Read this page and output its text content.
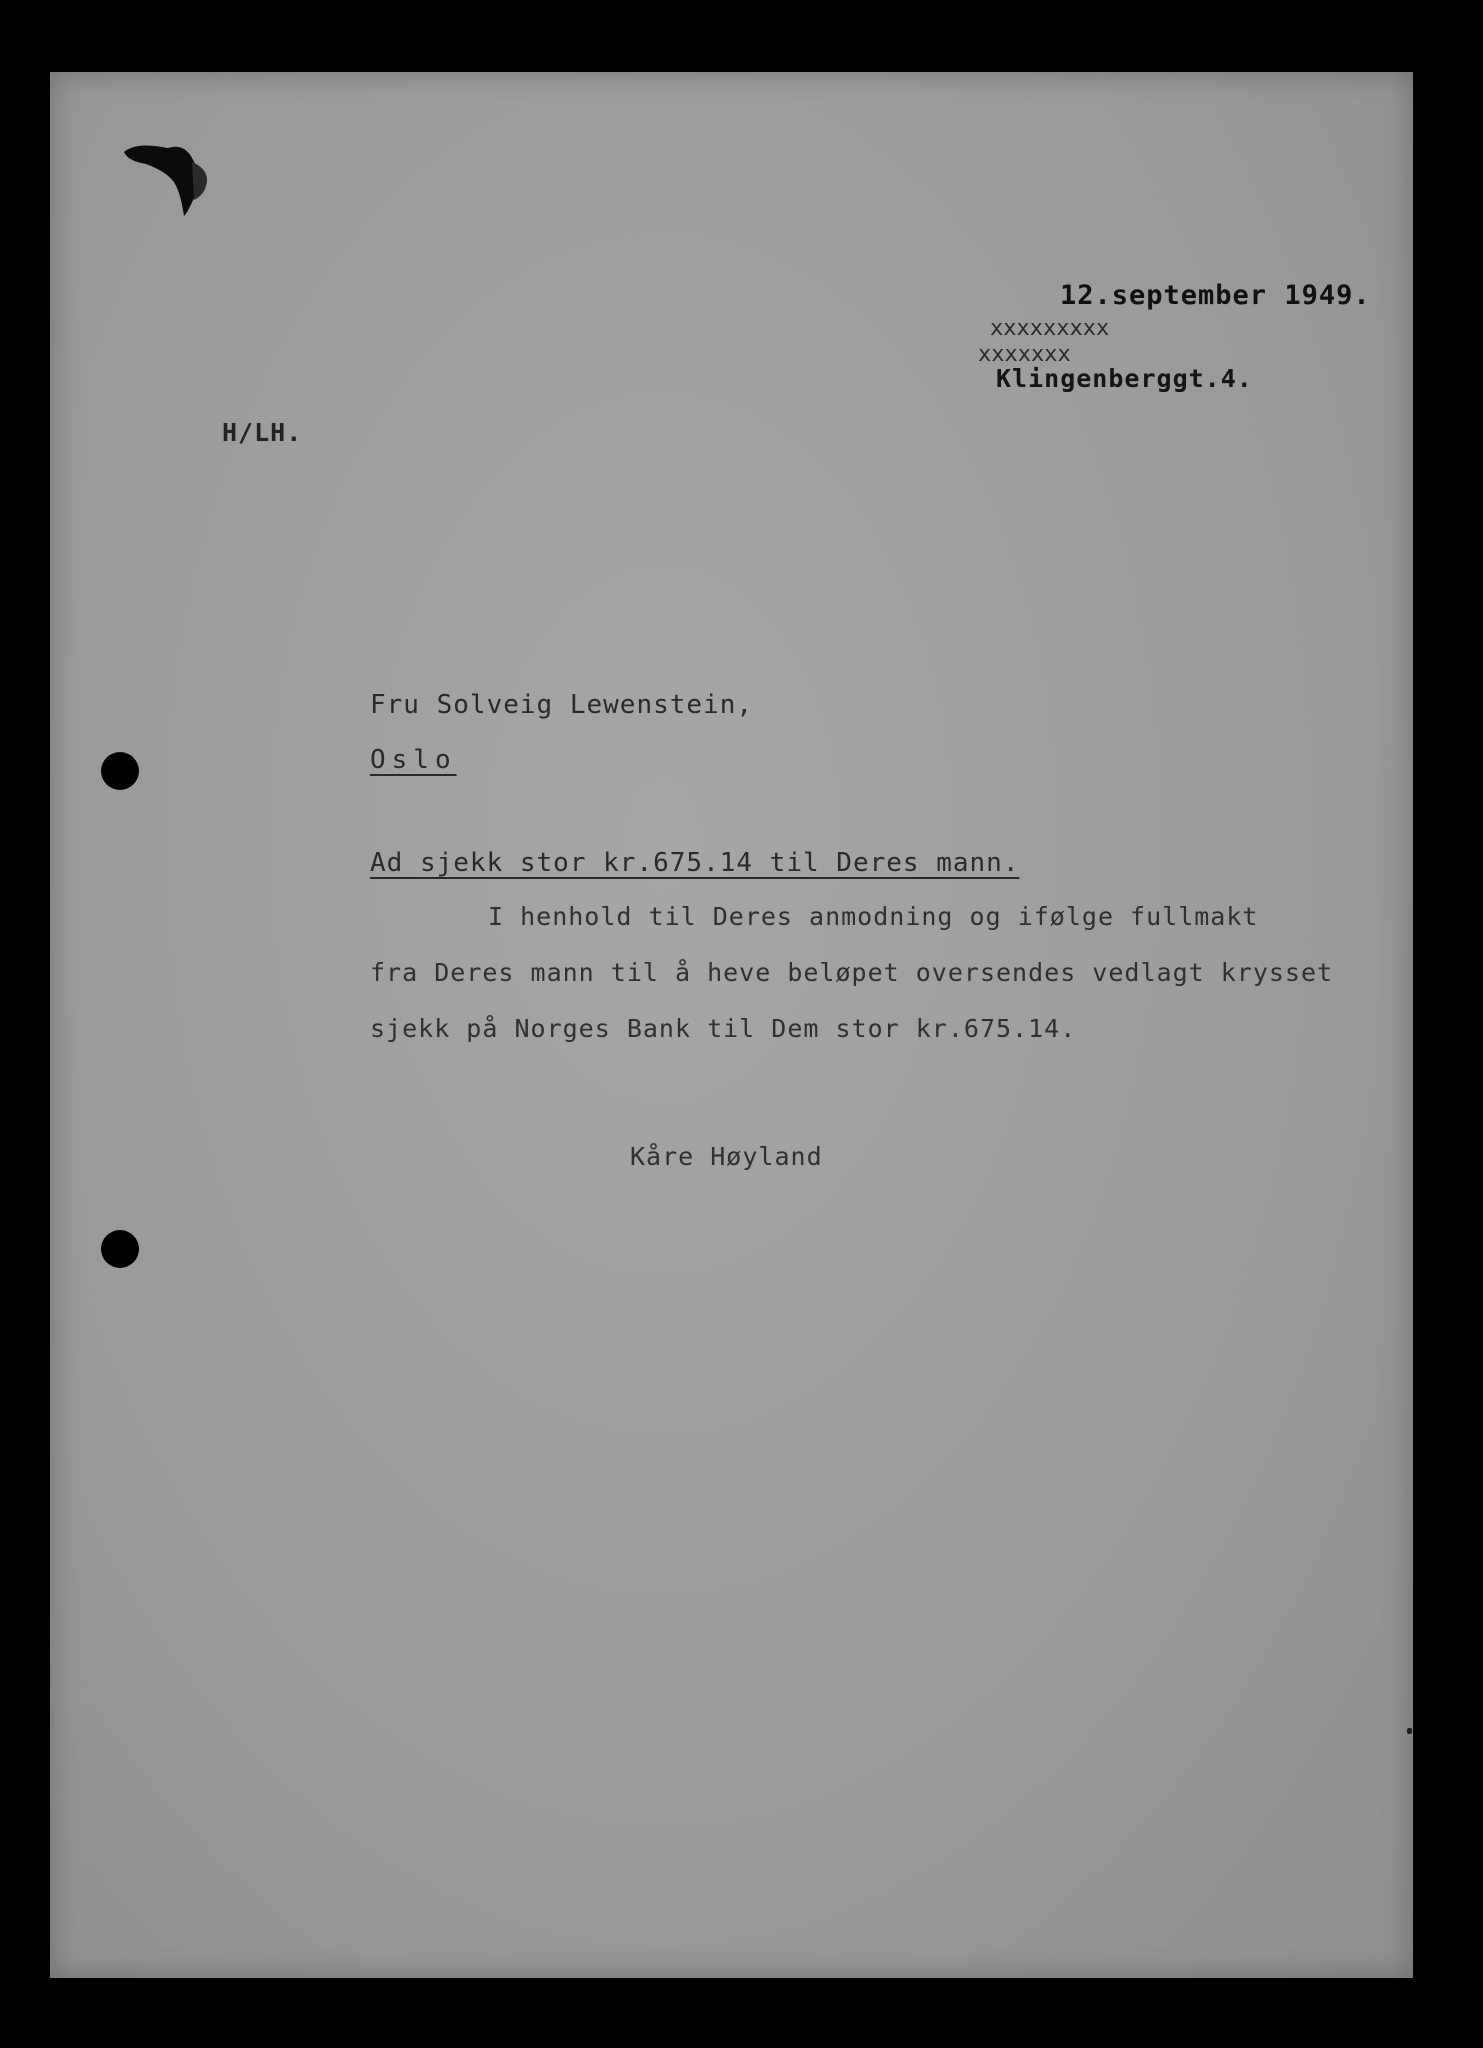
12.september 1949.
xxxxxxxxx
xxxxxxx
Klingenberggt.4.
H/LH.
Fru Solveig Lewenstein,
Oslo
Ad sjekk stor kr.675.14 til Deres mann.
I henhold til Deres anmodning og ifølge fullmakt
fra Deres mann til å heve beløpet oversendes vedlagt krysset
sjekk på Norges Bank til Dem stor kr.675.14.
Kåre Høyland
